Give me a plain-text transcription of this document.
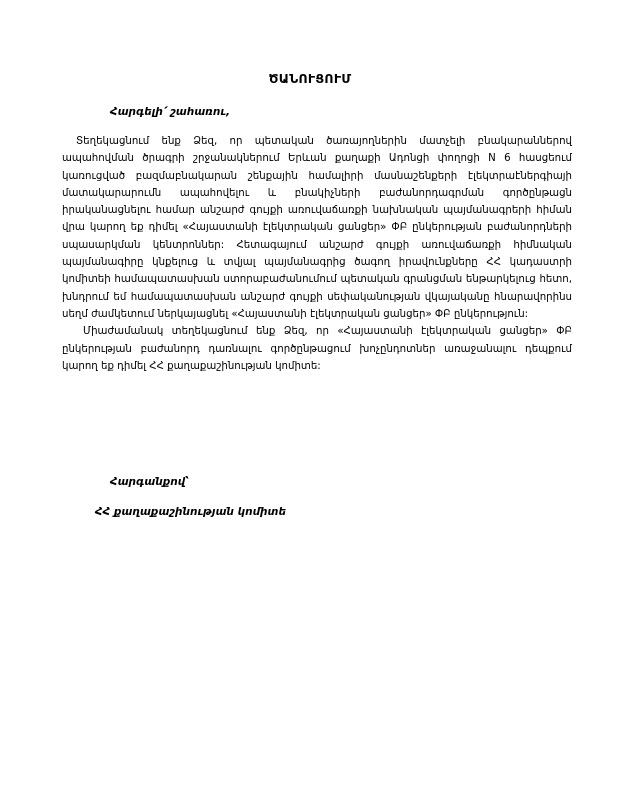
ԾԱՆՈՒՑՈՒՄ
Հարգելի՛ շահառու,

Տեղեկացնում ենք Ձեզ, որ պետական ծառայողներին մատչելի բնակարաններով ապահովման ծրագրի շրջանակներում Երևան քաղաքի Ադոնցի փողոցի N 6 հասցեում կառուցված բազմաբնակարան շենքային համալիրի մասնաշենքերի էլեկտրաէներգիայի մատակարարումն ապահովելու և բնակիչների բաժանորդագրման գործընթացն իրականացնելու համար անշարժ գույքի առուվաճառքի նախնական պայմանագրերի հիման վրա կարող եք դիմել «Հայաստանի էլեկտրական ցանցեր» ՓԲ ընկերության բաժանորդների սպասարկման կենտրոններ: Հետագայում անշարժ գույքի առուվաճառքի հիմնական պայմանագիրը կնքելուց և տվյալ պայմանագրից ծագող իրավունքները ՀՀ կադաստրի կոմիտեի համապատասխան ստորաբաժանումում պետական գրանցման ենթարկելուց հետո, խնդրում եմ համապատասխան անշարժ գույքի սեփականության վկայականը հնարավորինս սեղմ ժամկետում ներկայացնել «Հայաստանի էլեկտրական ցանցեր» ՓԲ ընկերություն:

Միաժամանակ տեղեկացնում ենք Ձեզ, որ «Հայաստանի էլեկտրական ցանցեր» ՓԲ ընկերության բաժանորդ դառնալու գործընթացում խոչընդոտներ առաջանալու դեպքում կարող եք դիմել ՀՀ քաղաքաշինության կոմիտե:

Հարգանքով՝
ՀՀ քաղաքաշինության կոմիտե
